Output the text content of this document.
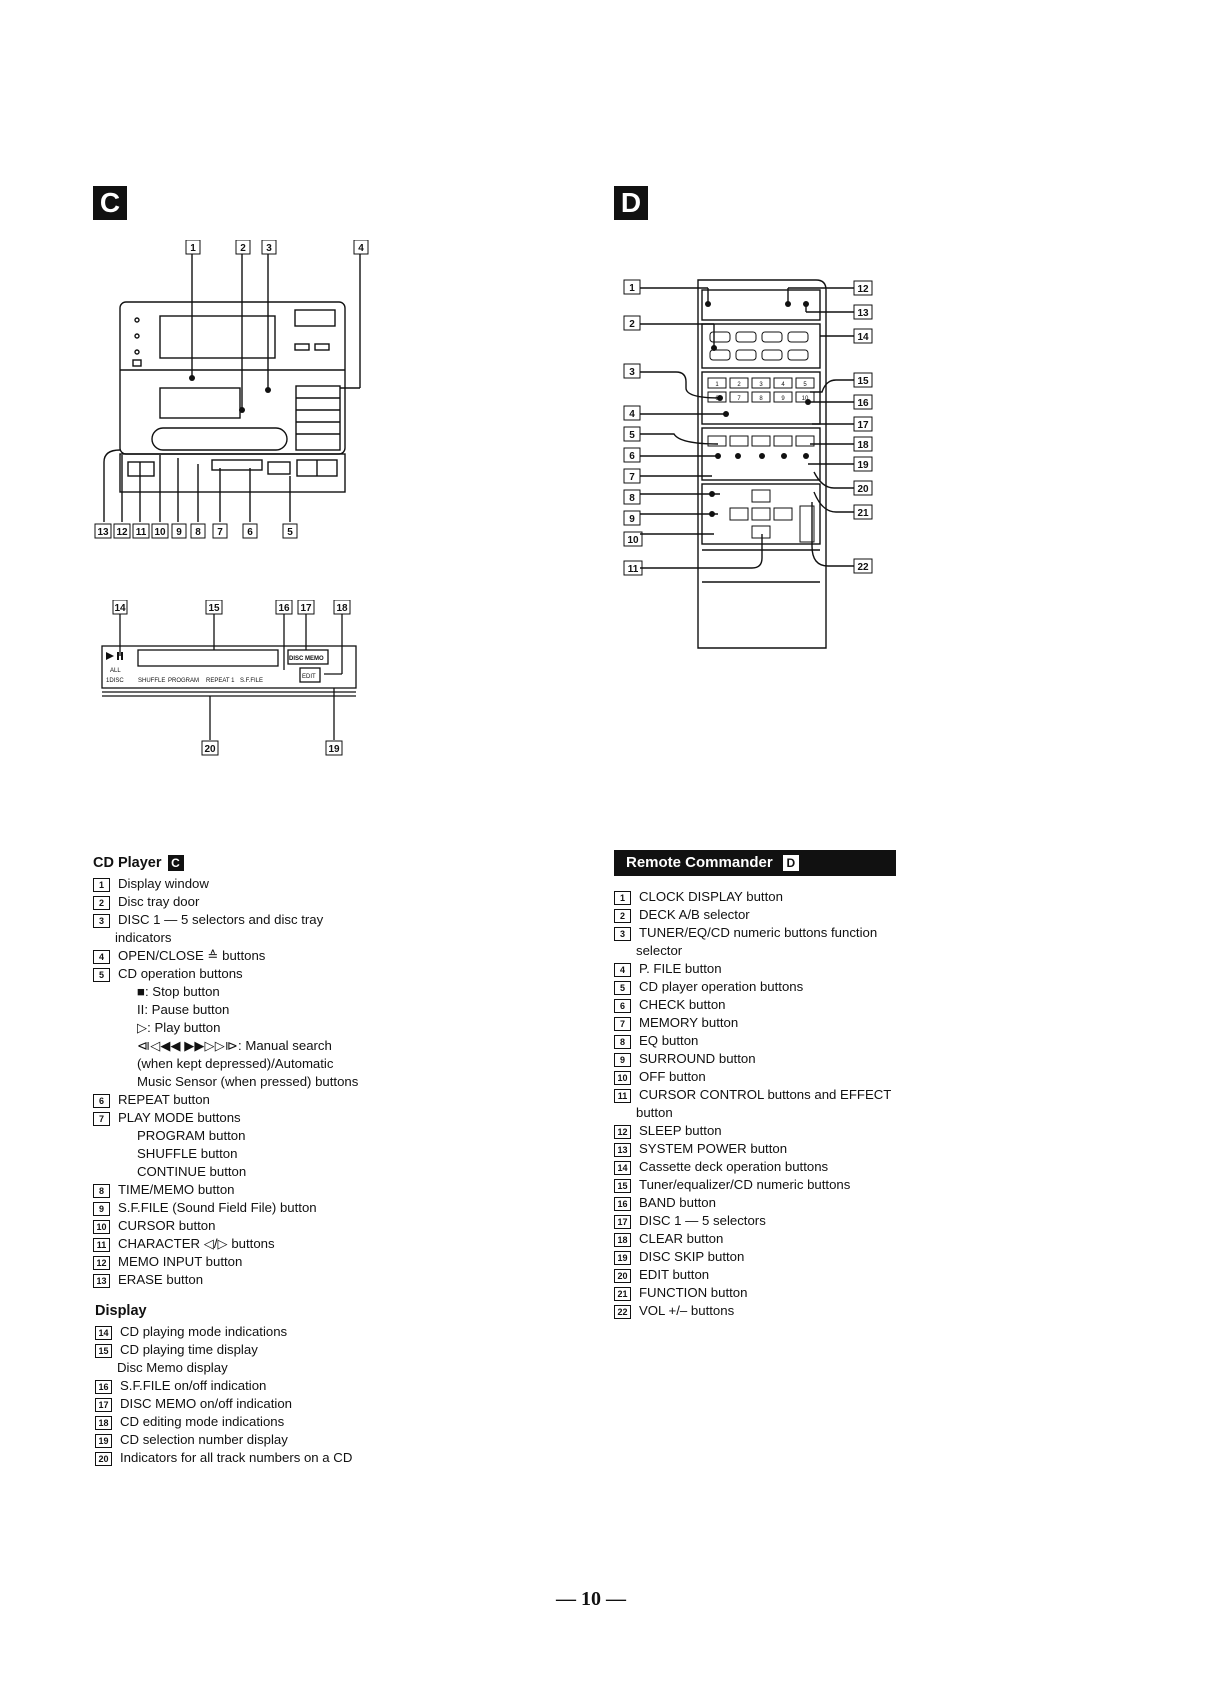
C	D
1	2 3	4
13 12 11 10 9 8 7 6	5
ALL
1DISC SHUFFLE PROGRAM REPEAT 1 S.F.FILE
DISC MEMO
EDIT
14	15	16 17 18
20	19
1	2	3	4	5
6	7	8	9	10
1
2
3
4
5
6
7
8
9
10
11
12
13
14
15
16
17
18
19
20
21
22
CD Player C
1	Display window
2	Disc tray door
3	DISC 1 — 5 selectors and disc tray
indicators
4	OPEN/CLOSE ≙ buttons
5	CD operation buttons
■: Stop button
II: Pause button
▷: Play button
⧏◁◀◀ ▶▶▷▷⧐: Manual search
(when kept depressed)/Automatic
Music Sensor (when pressed) buttons
6	REPEAT button
7	PLAY MODE buttons
PROGRAM button
SHUFFLE button
CONTINUE button
8	TIME/MEMO button
9	S.F.FILE (Sound Field File) button
10 CURSOR button
11 CHARACTER ◁/▷ buttons
12 MEMO INPUT button
13 ERASE button
Display
14 CD playing mode indications
15 CD playing time display
Disc Memo display
16 S.F.FILE on/off indication
17 DISC MEMO on/off indication
18 CD editing mode indications
19 CD selection number display
20 Indicators for all track numbers on a CD
Remote Commander D
1	CLOCK DISPLAY button
2	DECK A/B selector
3	TUNER/EQ/CD numeric buttons function
selector
4	P. FILE button
5	CD player operation buttons
6	CHECK button
7	MEMORY button
8	EQ button
9	SURROUND button
10 OFF button
11 CURSOR CONTROL buttons and EFFECT
button
12 SLEEP button
13 SYSTEM POWER button
14 Cassette deck operation buttons
15 Tuner/equalizer/CD numeric buttons
16 BAND button
17 DISC 1 — 5 selectors
18 CLEAR button
19 DISC SKIP button
20 EDIT button
21 FUNCTION button
22 VOL +/– buttons
— 10 —
